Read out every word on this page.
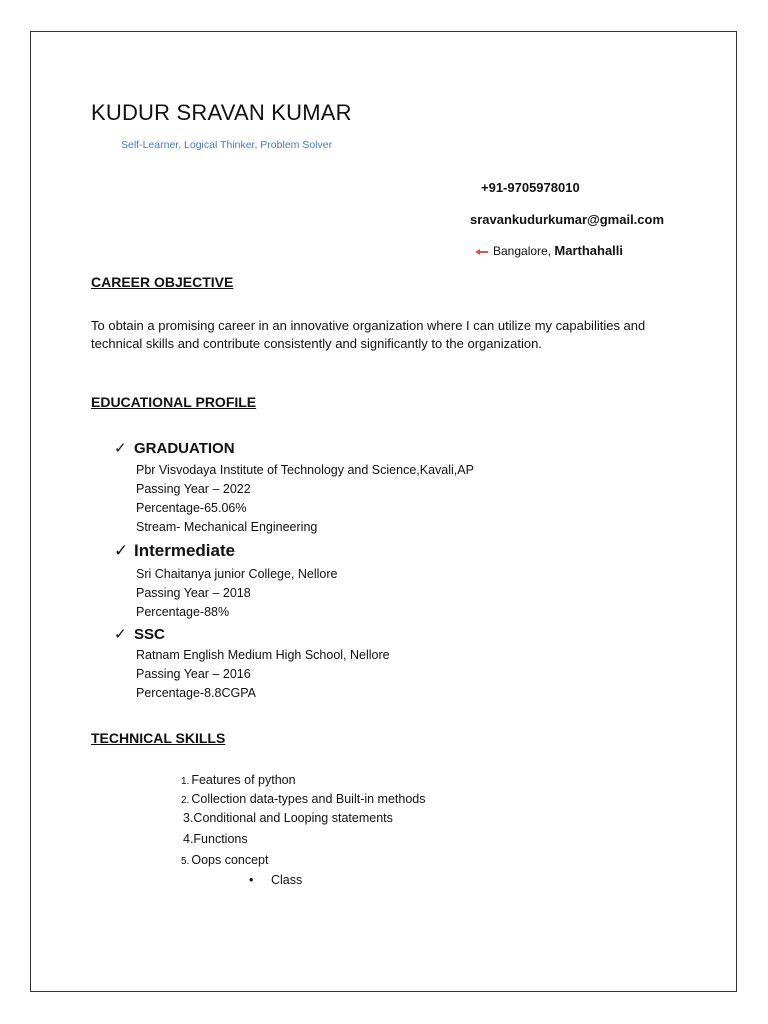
KUDUR SRAVAN KUMAR
Self-Learner, Logical Thinker, Problem Solver
+91-9705978010
sravankudurkumar@gmail.com
Bangalore, Marthahalli
CAREER OBJECTIVE
To obtain a promising career in an innovative organization where I can utilize my capabilities and technical skills and contribute consistently and significantly to the organization.
EDUCATIONAL PROFILE
✓ GRADUATION
Pbr Visvodaya Institute of Technology and Science,Kavali,AP
Passing Year – 2022
Percentage-65.06%
Stream- Mechanical Engineering
✓ Intermediate
Sri Chaitanya junior College, Nellore
Passing Year – 2018
Percentage-88%
✓ SSC
Ratnam English Medium High School, Nellore
Passing Year – 2016
Percentage-8.8CGPA
TECHNICAL SKILLS
1. Features of python
2. Collection data-types and Built-in methods
3.Conditional and Looping statements
4.Functions
5. Oops concept
• Class
